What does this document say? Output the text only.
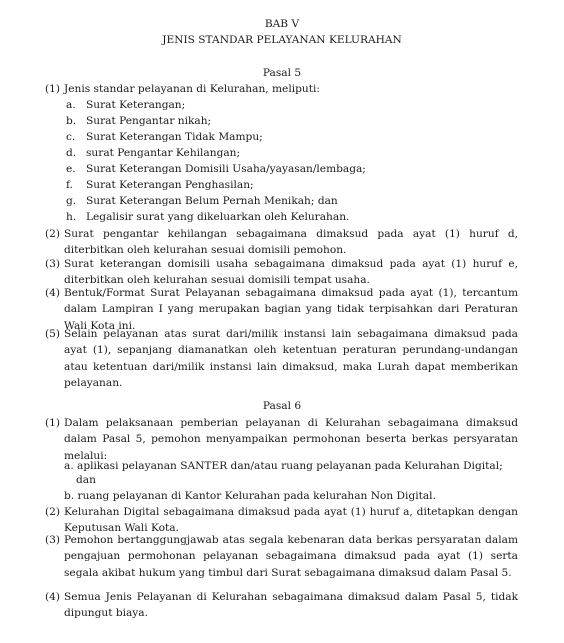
BAB V
JENIS STANDAR PELAYANAN KELURAHAN
Pasal 5
(1) Jenis standar pelayanan di Kelurahan, meliputi:
a. Surat Keterangan;
b. Surat Pengantar nikah;
c. Surat Keterangan Tidak Mampu;
d. surat Pengantar Kehilangan;
e. Surat Keterangan Domisili Usaha/yayasan/lembaga;
f. Surat Keterangan Penghasilan;
g. Surat Keterangan Belum Pernah Menikah; dan
h. Legalisir surat yang dikeluarkan oleh Kelurahan.
(2) Surat pengantar kehilangan sebagaimana dimaksud pada ayat (1) huruf d, diterbitkan oleh kelurahan sesuai domisili pemohon.
(3) Surat keterangan domisili usaha sebagaimana dimaksud pada ayat (1) huruf e, diterbitkan oleh kelurahan sesuai domisili tempat usaha.
(4) Bentuk/Format Surat Pelayanan sebagaimana dimaksud pada ayat (1), tercantum dalam Lampiran I yang merupakan bagian yang tidak terpisahkan dari Peraturan Wali Kota ini.
(5) Selain pelayanan atas surat dari/milik instansi lain sebagaimana dimaksud pada ayat (1), sepanjang diamanatkan oleh ketentuan peraturan perundang-undangan atau ketentuan dari/milik instansi lain dimaksud, maka Lurah dapat memberikan pelayanan.
Pasal 6
(1) Dalam pelaksanaan pemberian pelayanan di Kelurahan sebagaimana dimaksud dalam Pasal 5, pemohon menyampaikan permohonan beserta berkas persyaratan melalui:
a. aplikasi pelayanan SANTER dan/atau ruang pelayanan pada Kelurahan Digital;
dan
b. ruang pelayanan di Kantor Kelurahan pada kelurahan Non Digital.
(2) Kelurahan Digital sebagaimana dimaksud pada ayat (1) huruf a, ditetapkan dengan Keputusan Wali Kota.
(3) Pemohon bertanggungjawab atas segala kebenaran data berkas persyaratan dalam pengajuan permohonan pelayanan sebagaimana dimaksud pada ayat (1) serta segala akibat hukum yang timbul dari Surat sebagaimana dimaksud dalam Pasal 5.
(4) Semua Jenis Pelayanan di Kelurahan sebagaimana dimaksud dalam Pasal 5, tidak dipungut biaya.
